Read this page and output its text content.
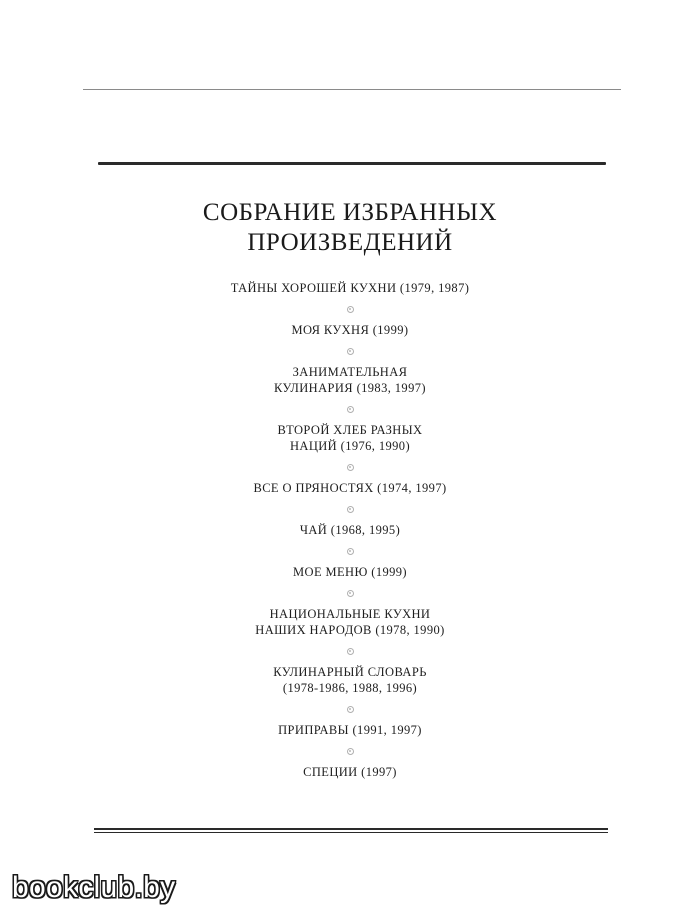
СОБРАНИЕ ИЗБРАННЫХ
ПРОИЗВЕДЕНИЙ
ТАЙНЫ ХОРОШЕЙ КУХНИ (1979, 1987)
МОЯ КУХНЯ (1999)
ЗАНИМАТЕЛЬНАЯ
КУЛИНАРИЯ (1983, 1997)
ВТОРОЙ ХЛЕБ РАЗНЫХ
НАЦИЙ (1976, 1990)
ВСЕ О ПРЯНОСТЯХ (1974, 1997)
ЧАЙ (1968, 1995)
МОЕ МЕНЮ (1999)
НАЦИОНАЛЬНЫЕ КУХНИ
НАШИХ НАРОДОВ (1978, 1990)
КУЛИНАРНЫЙ СЛОВАРЬ
(1978-1986, 1988, 1996)
ПРИПРАВЫ (1991, 1997)
СПЕЦИИ (1997)
bookclub.by
